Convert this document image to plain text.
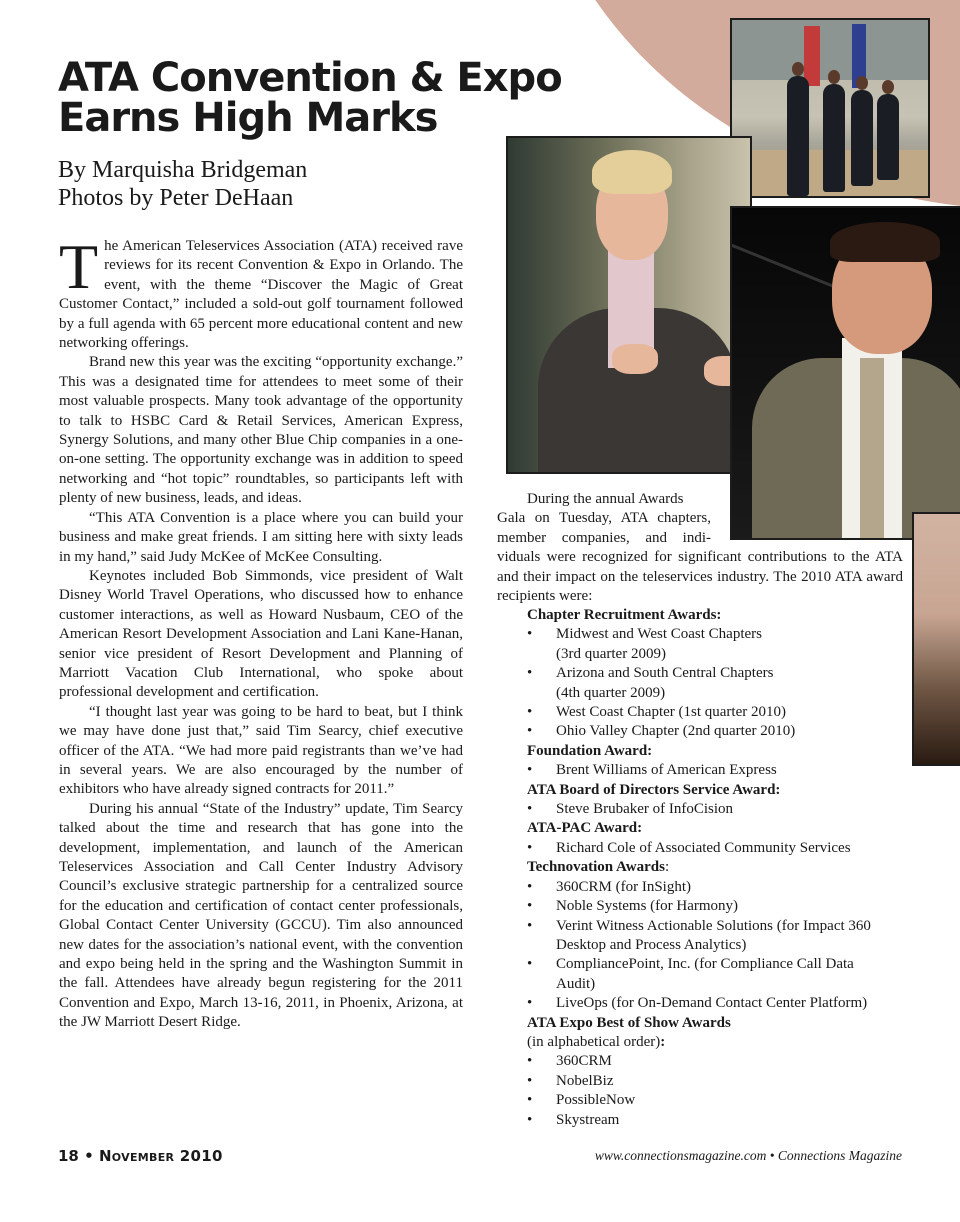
ATA Convention & Expo
Earns High Marks
By Marquisha Bridgeman
Photos by Peter DeHaan

The American Teleservices Association (ATA) received rave reviews for its recent Convention & Expo in Orlando. The event, with the theme “Discover the Magic of Great Customer Contact,” included a sold-out golf tournament followed by a full agenda with 65 percent more educational content and new networking offerings.

Brand new this year was the exciting “opportunity exchange.” This was a designated time for attendees to meet some of their most valuable prospects. Many took advantage of the opportunity to talk to HSBC Card & Retail Services, American Express, Synergy Solutions, and many other Blue Chip companies in a one-on-one setting. The opportunity exchange was in addition to speed networking and “hot topic” roundtables, so participants left with plenty of new business, leads, and ideas.

“This ATA Convention is a place where you can build your business and make great friends. I am sitting here with sixty leads in my hand,” said Judy McKee of McKee Consulting.

Keynotes included Bob Simmonds, vice president of Walt Disney World Travel Operations, who discussed how to enhance customer interactions, as well as Howard Nusbaum, CEO of the American Resort Development Association and Lani Kane-Hanan, senior vice president of Resort Development and Planning of Marriott Vacation Club International, who spoke about professional development and certification.

“I thought last year was going to be hard to beat, but I think we may have done just that,” said Tim Searcy, chief executive officer of the ATA. “We had more paid registrants than we’ve had in several years. We are also encouraged by the number of exhibitors who have already signed contracts for 2011.”

During his annual “State of the Industry” update, Tim Searcy talked about the time and research that has gone into the development, implementation, and launch of the American Teleservices Association and Call Center Industry Advisory Council’s exclusive strategic partnership for a centralized source for the education and certification of contact center professionals, Global Contact Center University (GCCU). Tim also announced new dates for the association’s national event, with the convention and expo being held in the spring and the Washington Summit in the fall. Attendees have already begun registering for the 2011 Convention and Expo, March 13-16, 2011, in Phoenix, Arizona, at the JW Marriott Desert Ridge.

During the annual Awards
Gala on Tuesday, ATA chapters,
member companies, and indi-
viduals were recognized for significant contributions to the ATA and their impact on the teleservices industry. The 2010 ATA award recipients were:
Chapter Recruitment Awards:
• Midwest and West Coast Chapters
(3rd quarter 2009)
• Arizona and South Central Chapters
(4th quarter 2009)
• West Coast Chapter (1st quarter 2010)
• Ohio Valley Chapter (2nd quarter 2010)
Foundation Award:
• Brent Williams of American Express
ATA Board of Directors Service Award:
• Steve Brubaker of InfoCision
ATA-PAC Award:
• Richard Cole of Associated Community Services
Technovation Awards:
• 360CRM (for InSight)
• Noble Systems (for Harmony)
• Verint Witness Actionable Solutions (for Impact 360
Desktop and Process Analytics)
• CompliancePoint, Inc. (for Compliance Call Data
Audit)
• LiveOps (for On-Demand Contact Center Platform)
ATA Expo Best of Show Awards
(in alphabetical order):
• 360CRM
• NobelBiz
• PossibleNow
• Skystream
18 • November 2010	www.connectionsmagazine.com • Connections Magazine
